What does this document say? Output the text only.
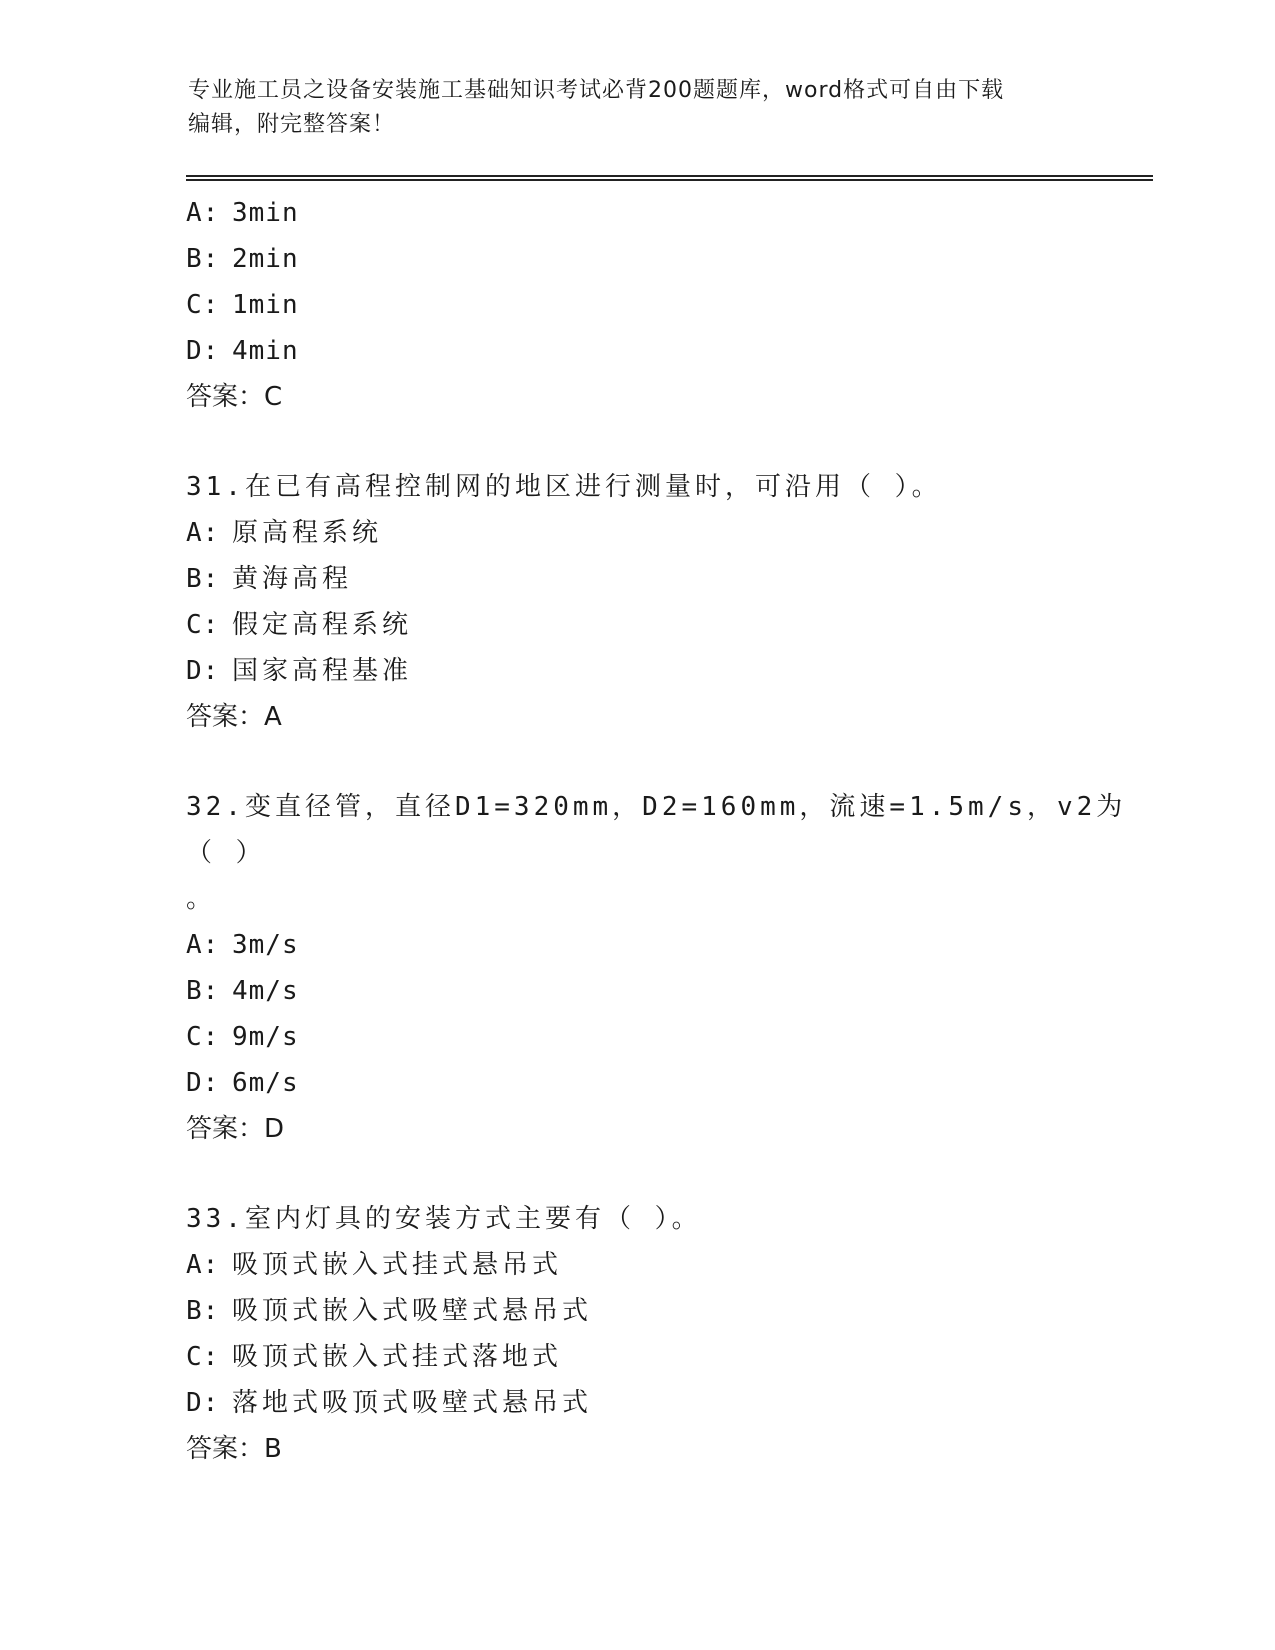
专业施工员之设备安装施工基础知识考试必背200题题库，word格式可自由下载
编辑，附完整答案！
A: 3min
B: 2min
C: 1min
D: 4min
答案：C
31.在已有高程控制网的地区进行测量时，可沿用（ ）。
A: 原高程系统
B: 黄海高程
C: 假定高程系统
D: 国家高程基准
答案：A
32.变直径管，直径D1=320mm，D2=160mm，流速=1.5m/s，v2为（ ）
。
A: 3m/s
B: 4m/s
C: 9m/s
D: 6m/s
答案：D
33.室内灯具的安装方式主要有（ ）。
A: 吸顶式嵌入式挂式悬吊式
B: 吸顶式嵌入式吸壁式悬吊式
C: 吸顶式嵌入式挂式落地式
D: 落地式吸顶式吸壁式悬吊式
答案：B
